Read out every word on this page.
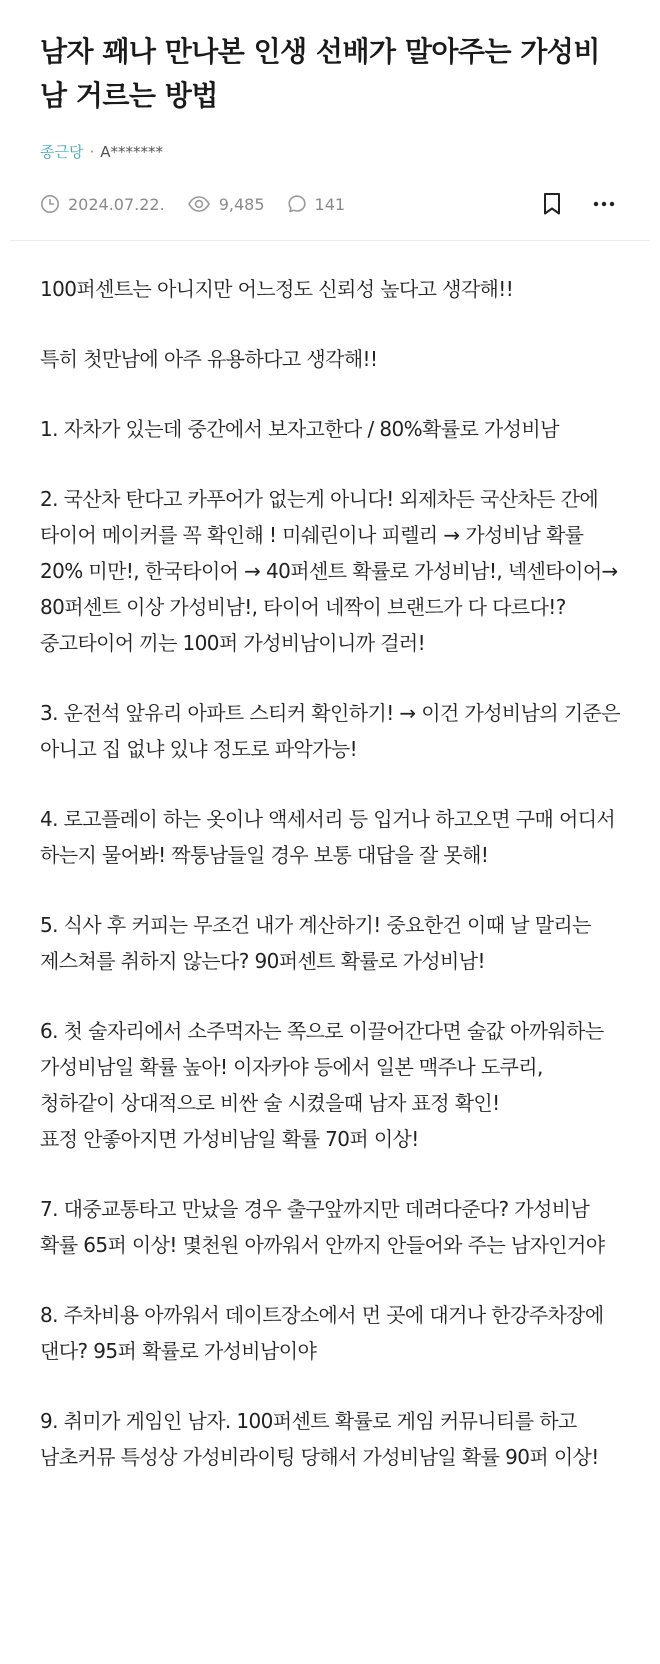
남자 꽤나 만나본 인생 선배가 말아주는 가성비남 거르는 방법
종근당 · A*******
2024.07.22.	9,485	141

100퍼센트는 아니지만 어느정도 신뢰성 높다고 생각해!!

특히 첫만남에 아주 유용하다고 생각해!!

1. 자차가 있는데 중간에서 보자고한다 / 80%확률로 가성비남

2. 국산차 탄다고 카푸어가 없는게 아니다! 외제차든 국산차든 간에 타이어 메이커를 꼭 확인해 ! 미쉐린이나 피렐리 → 가성비남 확률 20% 미만!, 한국타이어 → 40퍼센트 확률로 가성비남!, 넥센타이어→ 80퍼센트 이상 가성비남!, 타이어 네짝이 브랜드가 다 다르다!? 중고타이어 끼는 100퍼 가성비남이니까 걸러!

3. 운전석 앞유리 아파트 스티커 확인하기! → 이건 가성비남의 기준은 아니고 집 없냐 있냐 정도로 파악가능!

4. 로고플레이 하는 옷이나 액세서리 등 입거나 하고오면 구매 어디서 하는지 물어봐! 짝퉁남들일 경우 보통 대답을 잘 못해!

5. 식사 후 커피는 무조건 내가 계산하기! 중요한건 이때 날 말리는 제스쳐를 취하지 않는다? 90퍼센트 확률로 가성비남!

6. 첫 술자리에서 소주먹자는 쪽으로 이끌어간다면 술값 아까워하는 가성비남일 확률 높아! 이자카야 등에서 일본 맥주나 도쿠리, 청하같이 상대적으로 비싼 술 시켰을때 남자 표정 확인!
표정 안좋아지면 가성비남일 확률 70퍼 이상!

7. 대중교통타고 만났을 경우 출구앞까지만 데려다준다? 가성비남 확률 65퍼 이상! 몇천원 아까워서 안까지 안들어와 주는 남자인거야

8. 주차비용 아까워서 데이트장소에서 먼 곳에 대거나 한강주차장에 댄다? 95퍼 확률로 가성비남이야

9. 취미가 게임인 남자. 100퍼센트 확률로 게임 커뮤니티를 하고 남초커뮤 특성상 가성비라이팅 당해서 가성비남일 확률 90퍼 이상!
